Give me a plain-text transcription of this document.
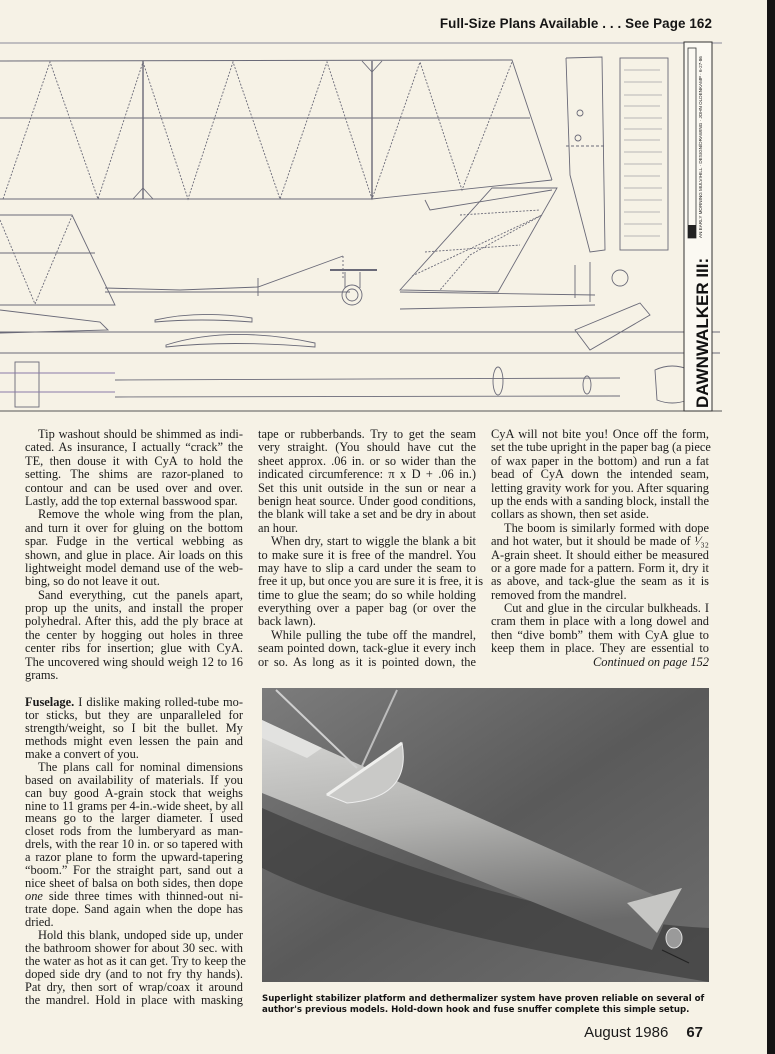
Full-Size Plans Available . . . See Page 162
DAWNWALKER III:
AN EARLY MORNING MULVIHILL · DESIGN/DRAWING · JOHN OLDENKAMP · 6-27-86
Tip washout should be shimmed as indi-
cated. As insurance, I actually “crack” the
TE, then douse it with CyA to hold the
setting. The shims are razor-planed to
contour and can be used over and over.
Lastly, add the top external basswood spar.
Remove the whole wing from the plan,
and turn it over for gluing on the bottom
spar. Fudge in the vertical webbing as
shown, and glue in place. Air loads on this
lightweight model demand use of the web-
bing, so do not leave it out.
Sand everything, cut the panels apart,
prop up the units, and install the proper
polyhedral. After this, add the ply brace at
the center by hogging out holes in three
center ribs for insertion; glue with CyA.
The uncovered wing should weigh 12 to 16
grams.
Fuselage. I dislike making rolled-tube mo-
tor sticks, but they are unparalleled for
strength/weight, so I bit the bullet. My
methods might even lessen the pain and
make a convert of you.
The plans call for nominal dimensions
based on availability of materials. If you
can buy good A-grain stock that weighs
nine to 11 grams per 4-in.-wide sheet, by all
means go to the larger diameter. I used
closet rods from the lumberyard as man-
drels, with the rear 10 in. or so tapered with
a razor plane to form the upward-tapering
“boom.” For the straight part, sand out a
nice sheet of balsa on both sides, then dope
one side three times with thinned-out ni-
trate dope. Sand again when the dope has
dried.
Hold this blank, undoped side up, under
the bathroom shower for about 30 sec. with
the water as hot as it can get. Try to keep the
doped side dry (and to not fry thy hands).
Pat dry, then sort of wrap/coax it around
the mandrel. Hold in place with masking
tape or rubberbands. Try to get the seam
very straight. (You should have cut the
sheet approx. .06 in. or so wider than the
indicated circumference: π x D + .06 in.)
Set this unit outside in the sun or near a
benign heat source. Under good conditions,
the blank will take a set and be dry in about
an hour.
When dry, start to wiggle the blank a bit
to make sure it is free of the mandrel. You
may have to slip a card under the seam to
free it up, but once you are sure it is free, it is
time to glue the seam; do so while holding
everything over a paper bag (or over the
back lawn).
While pulling the tube off the mandrel,
seam pointed down, tack-glue it every inch
or so. As long as it is pointed down, the
CyA will not bite you! Once off the form,
set the tube upright in the paper bag (a piece
of wax paper in the bottom) and run a fat
bead of CyA down the intended seam,
letting gravity work for you. After squaring
up the ends with a sanding block, install the
collars as shown, then set aside.
The boom is similarly formed with dope
and hot water, but it should be made of ¹⁄₃₂
A-grain sheet. It should either be measured
or a gore made for a pattern. Form it, dry it
as above, and tack-glue the seam as it is
removed from the mandrel.
Cut and glue in the circular bulkheads. I
cram them in place with a long dowel and
then “dive bomb” them with CyA glue to
keep them in place. They are essential to
Continued on page 152
Superlight stabilizer platform and dethermalizer system have proven reliable on several of
author's previous models. Hold-down hook and fuse snuffer complete this simple setup.
August 1986 67
